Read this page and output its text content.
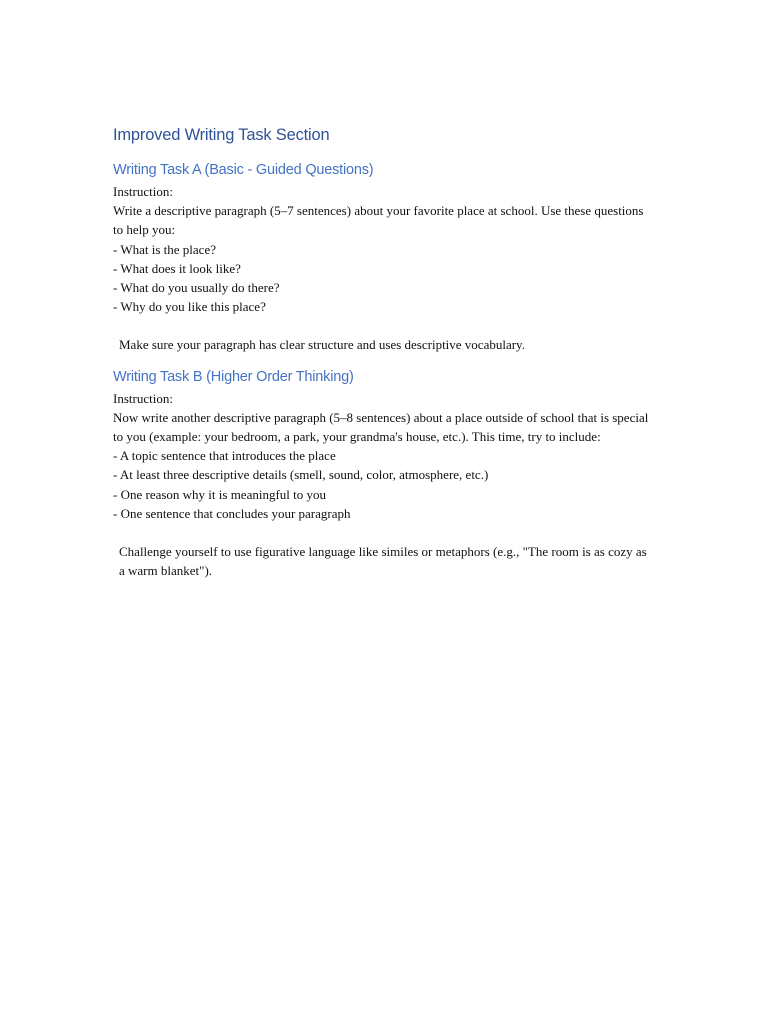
Improved Writing Task Section
Writing Task A (Basic - Guided Questions)

Instruction:

Write a descriptive paragraph (5–7 sentences) about your favorite place at school. Use these questions to help you:

- What is the place?

- What does it look like?

- What do you usually do there?

- Why do you like this place?

Make sure your paragraph has clear structure and uses descriptive vocabulary.

Writing Task B (Higher Order Thinking)

Instruction:

Now write another descriptive paragraph (5–8 sentences) about a place outside of school that is special to you (example: your bedroom, a park, your grandma's house, etc.). This time, try to include:

- A topic sentence that introduces the place

- At least three descriptive details (smell, sound, color, atmosphere, etc.)

- One reason why it is meaningful to you

- One sentence that concludes your paragraph

Challenge yourself to use figurative language like similes or metaphors (e.g., "The room is as cozy as a warm blanket").
